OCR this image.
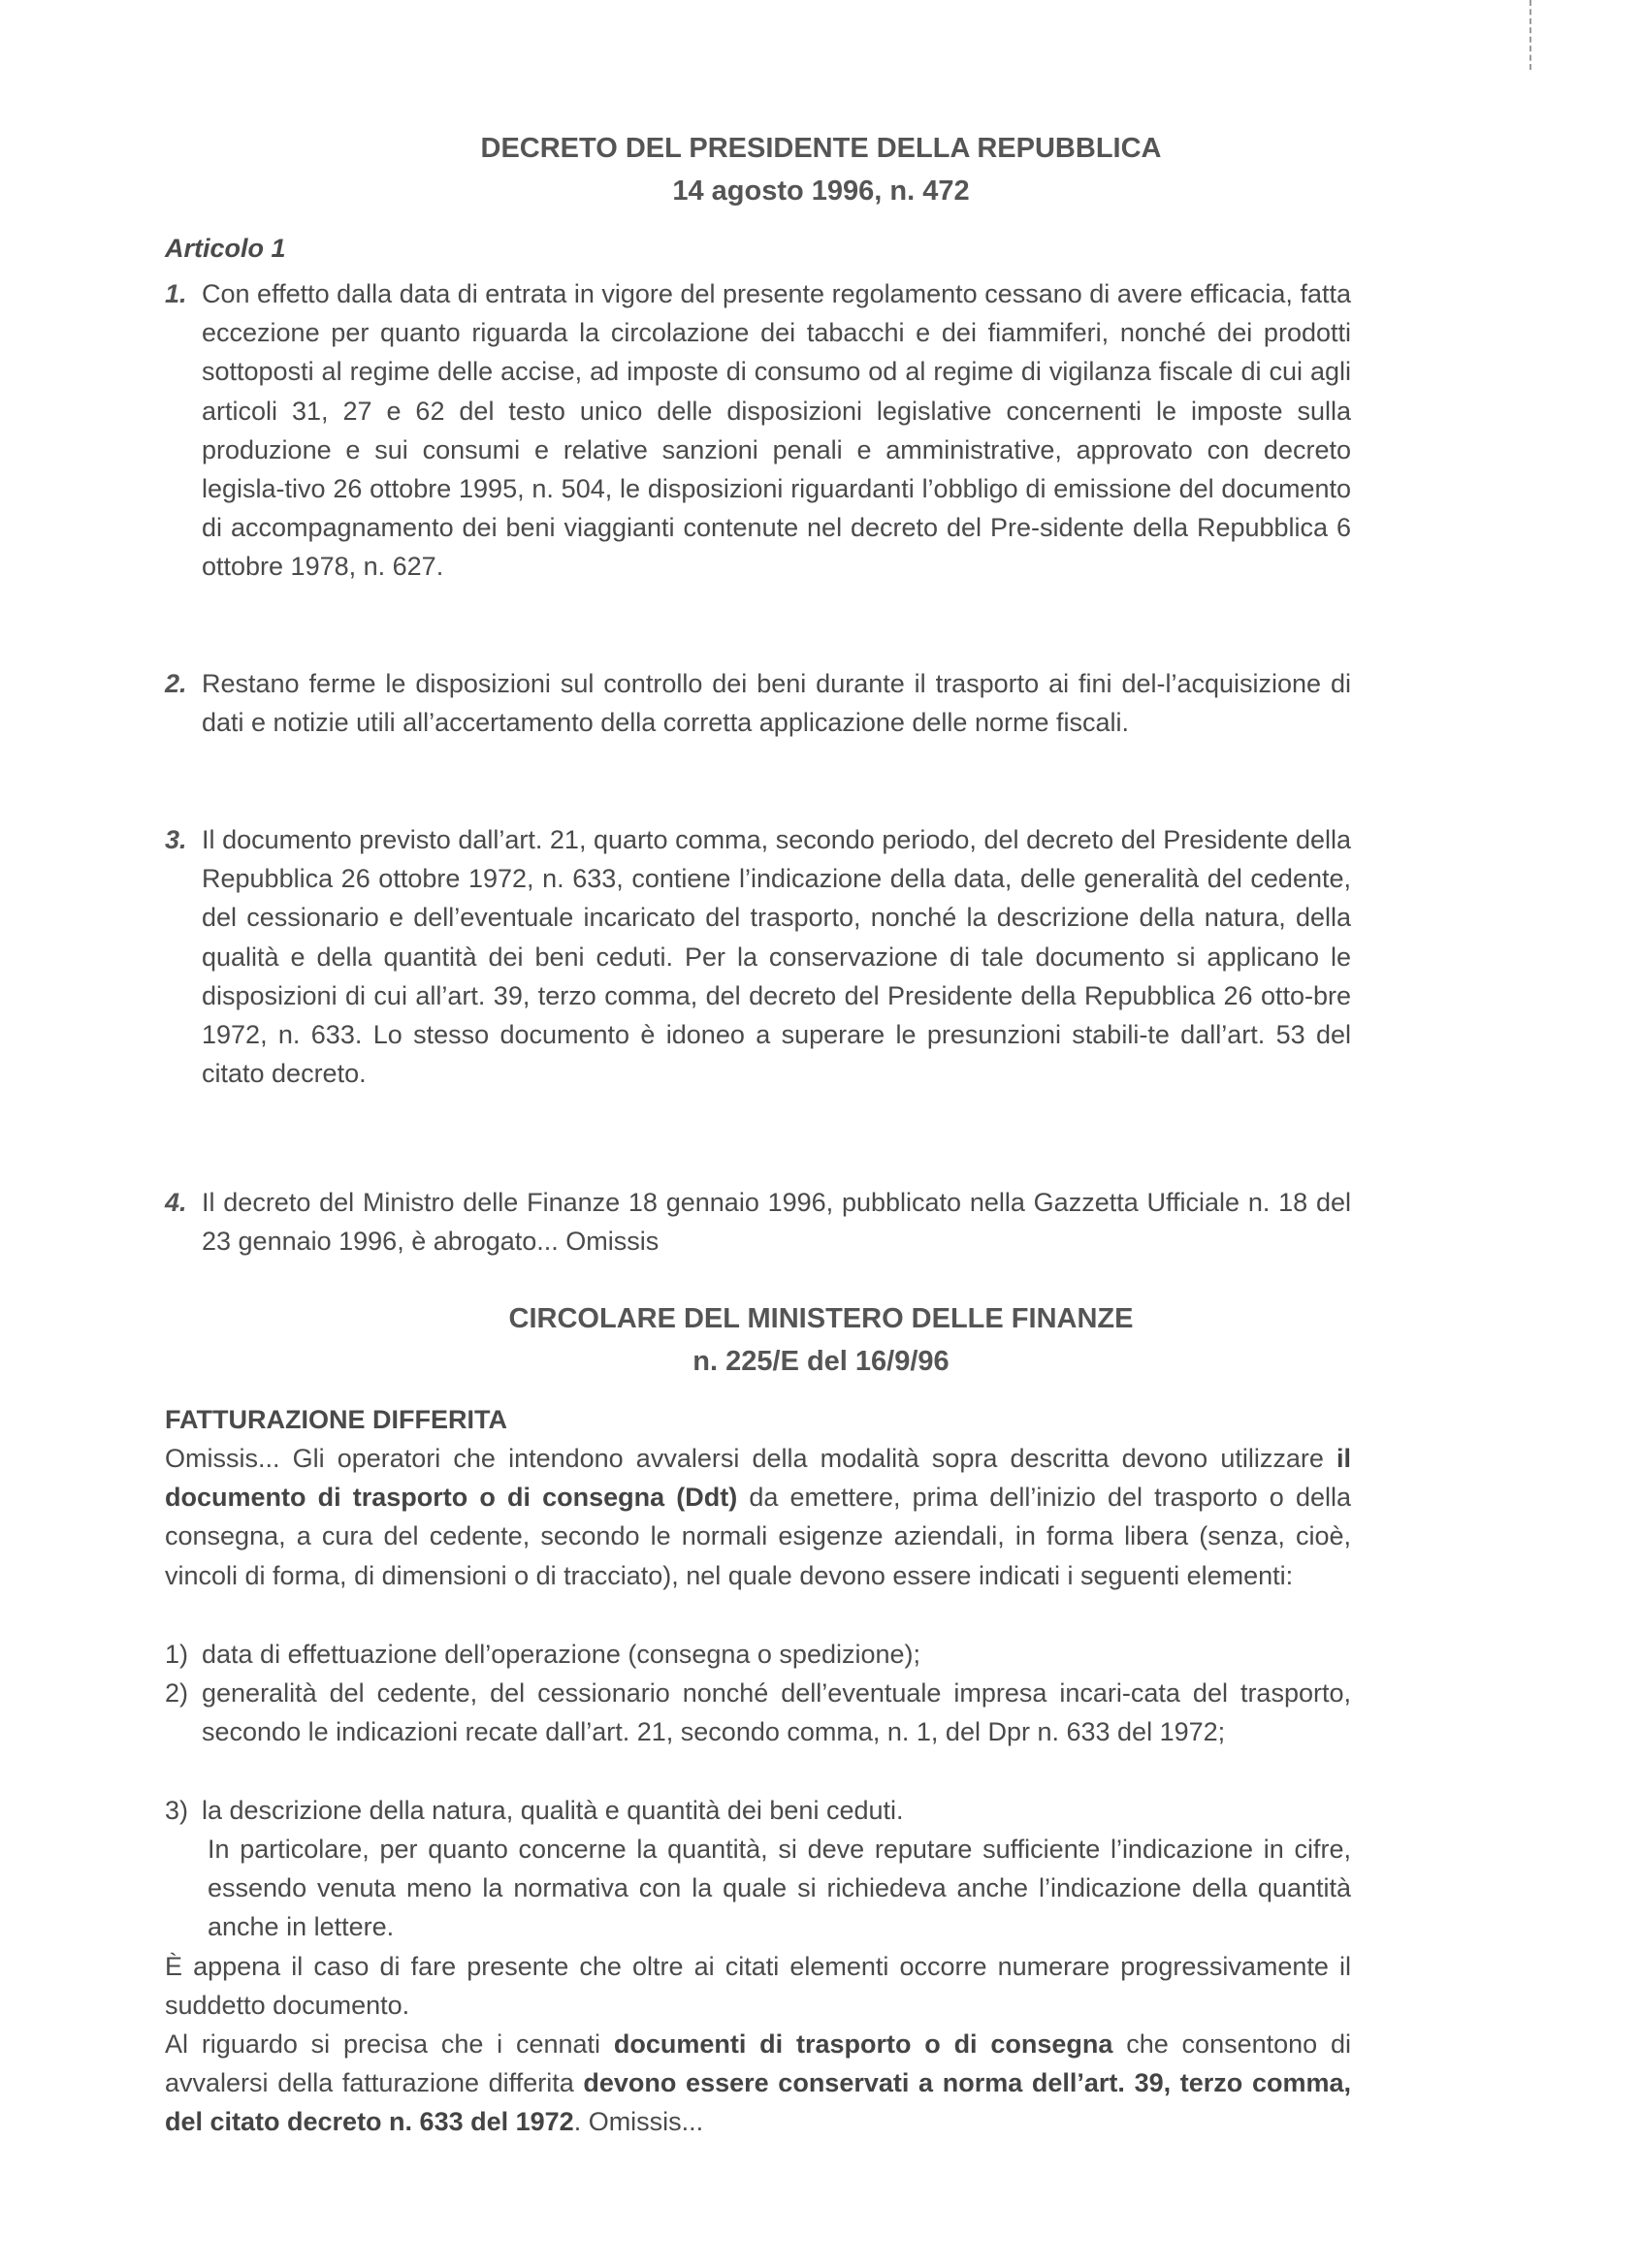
DECRETO DEL PRESIDENTE DELLA REPUBBLICA
14 agosto 1996, n. 472
Articolo 1
1. Con effetto dalla data di entrata in vigore del presente regolamento cessano di avere efficacia, fatta eccezione per quanto riguarda la circolazione dei tabacchi e dei fiammiferi, nonché dei prodotti sottoposti al regime delle accise, ad imposte di consumo od al regime di vigilanza fiscale di cui agli articoli 31, 27 e 62 del testo unico delle disposizioni legislative concernenti le imposte sulla produzione e sui consumi e relative sanzioni penali e amministrative, approvato con decreto legisla-tivo 26 ottobre 1995, n. 504, le disposizioni riguardanti l’obbligo di emissione del documento di accompagnamento dei beni viaggianti contenute nel decreto del Pre-sidente della Repubblica 6 ottobre 1978, n. 627.
2. Restano ferme le disposizioni sul controllo dei beni durante il trasporto ai fini del-l’acquisizione di dati e notizie utili all’accertamento della corretta applicazione delle norme fiscali.
3. Il documento previsto dall’art. 21, quarto comma, secondo periodo, del decreto del Presidente della Repubblica 26 ottobre 1972, n. 633, contiene l’indicazione della data, delle generalità del cedente, del cessionario e dell’eventuale incaricato del trasporto, nonché la descrizione della natura, della qualità e della quantità dei beni ceduti. Per la conservazione di tale documento si applicano le disposizioni di cui all’art. 39, terzo comma, del decreto del Presidente della Repubblica 26 otto-bre 1972, n. 633. Lo stesso documento è idoneo a superare le presunzioni stabili-te dall’art. 53 del citato decreto.
4. Il decreto del Ministro delle Finanze 18 gennaio 1996, pubblicato nella Gazzetta Ufficiale n. 18 del 23 gennaio 1996, è abrogato... Omissis
CIRCOLARE DEL MINISTERO DELLE FINANZE
n. 225/E del 16/9/96
FATTURAZIONE DIFFERITA
Omissis... Gli operatori che intendono avvalersi della modalità sopra descritta devono utilizzare il documento di trasporto o di consegna (Ddt) da emettere, prima dell’inizio del trasporto o della consegna, a cura del cedente, secondo le normali esigenze aziendali, in forma libera (senza, cioè, vincoli di forma, di dimensioni o di tracciato), nel quale devono essere indicati i seguenti elementi:
1) data di effettuazione dell’operazione (consegna o spedizione);
2) generalità del cedente, del cessionario nonché dell’eventuale impresa incari-cata del trasporto, secondo le indicazioni recate dall’art. 21, secondo comma, n. 1, del Dpr n. 633 del 1972;
3) la descrizione della natura, qualità e quantità dei beni ceduti.
In particolare, per quanto concerne la quantità, si deve reputare sufficiente l’indicazione in cifre, essendo venuta meno la normativa con la quale si richiedeva anche l’indicazione della quantità anche in lettere.
È appena il caso di fare presente che oltre ai citati elementi occorre numerare progressivamente il suddetto documento.
Al riguardo si precisa che i cennati documenti di trasporto o di consegna che consentono di avvalersi della fatturazione differita devono essere conservati a norma dell’art. 39, terzo comma, del citato decreto n. 633 del 1972. Omissis...
